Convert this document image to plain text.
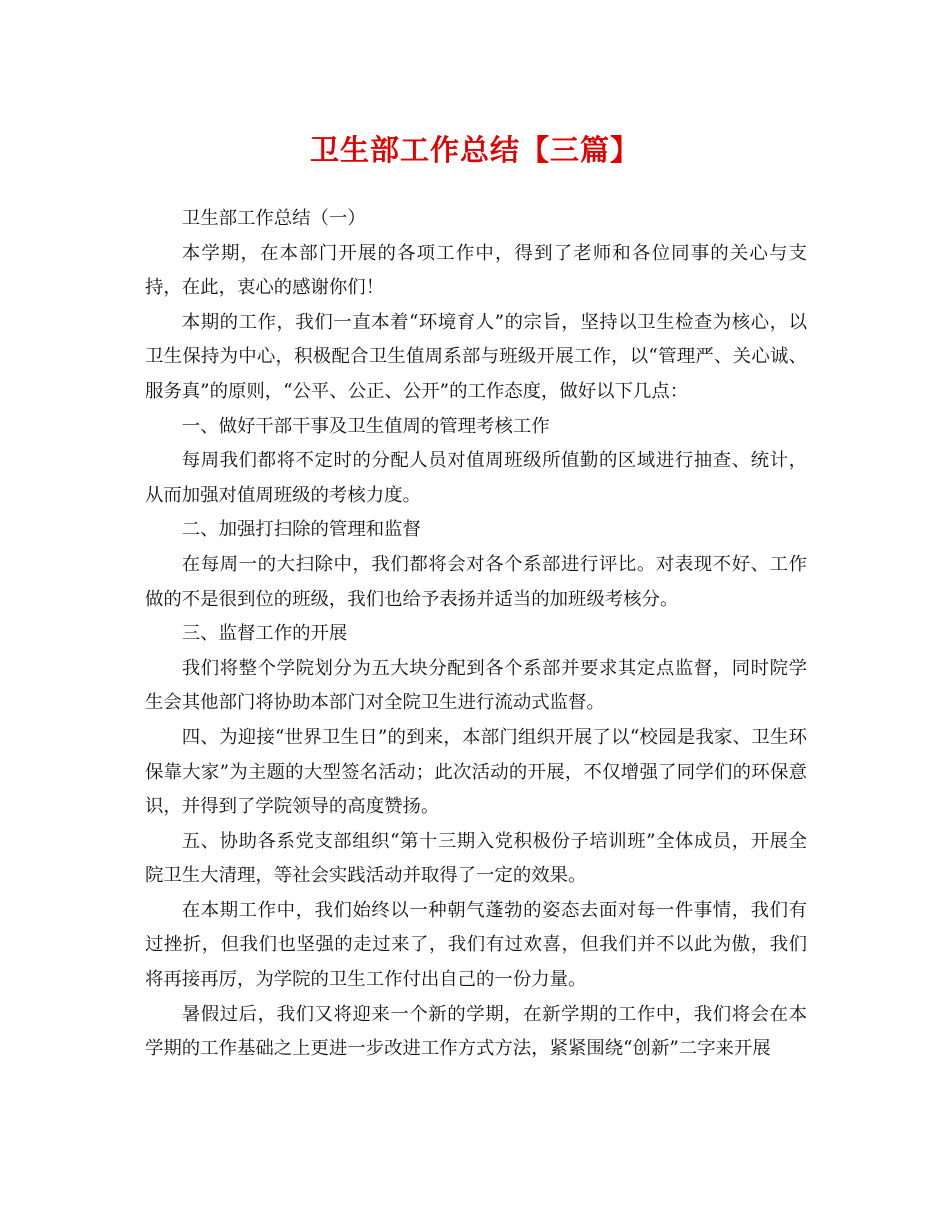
卫生部工作总结【三篇】

卫生部工作总结（一）

本学期，在本部门开展的各项工作中，得到了老师和各位同事的关心与支持，在此，衷心的感谢你们！

本期的工作，我们一直本着“环境育人”的宗旨，坚持以卫生检查为核心，以卫生保持为中心，积极配合卫生值周系部与班级开展工作，以“管理严、关心诚、服务真”的原则，“公平、公正、公开”的工作态度，做好以下几点：

一、做好干部干事及卫生值周的管理考核工作

每周我们都将不定时的分配人员对值周班级所值勤的区域进行抽查、统计，从而加强对值周班级的考核力度。

二、加强打扫除的管理和监督

在每周一的大扫除中，我们都将会对各个系部进行评比。对表现不好、工作做的不是很到位的班级，我们也给予表扬并适当的加班级考核分。

三、监督工作的开展

我们将整个学院划分为五大块分配到各个系部并要求其定点监督，同时院学生会其他部门将协助本部门对全院卫生进行流动式监督。

四、为迎接“世界卫生日”的到来，本部门组织开展了以“校园是我家、卫生环保靠大家”为主题的大型签名活动；此次活动的开展，不仅增强了同学们的环保意识，并得到了学院领导的高度赞扬。

五、协助各系党支部组织“第十三期入党积极份子培训班”全体成员，开展全院卫生大清理，等社会实践活动并取得了一定的效果。

在本期工作中，我们始终以一种朝气蓬勃的姿态去面对每一件事情，我们有过挫折，但我们也坚强的走过来了，我们有过欢喜，但我们并不以此为傲，我们将再接再厉，为学院的卫生工作付出自己的一份力量。

暑假过后，我们又将迎来一个新的学期，在新学期的工作中，我们将会在本学期的工作基础之上更进一步改进工作方式方法，紧紧围绕“创新”二字来开展
